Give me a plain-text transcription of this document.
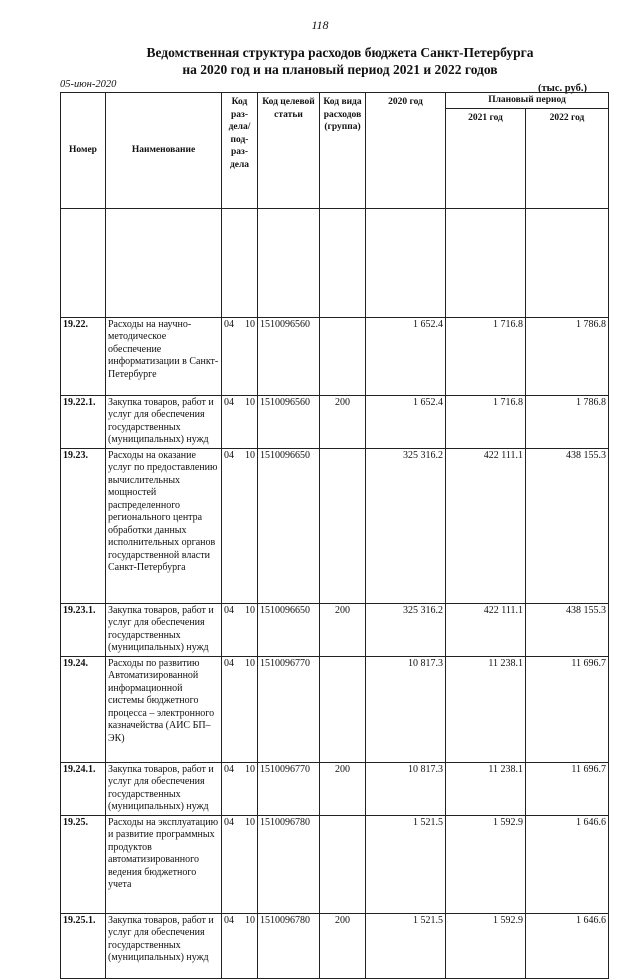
118
Ведомственная структура расходов бюджета Санкт-Петербурга
на 2020 год и на плановый период 2021 и 2022 годов
05-июн-2020	(тыс. руб.)
Номер	Наименование	Код раз- дела/ под- раз- дела		Код целевой статьи	Код вида расходов (группа)	2020 год	Плановый период	
							2021 год	2022 год

19.22.	Расходы на научно-методическое обеспечение информатизации в Санкт-Петербурге	04	10	1510096560		1 652.4	1 716.8	1 786.8
19.22.1.	Закупка товаров, работ и услуг для обеспечения государственных (муниципальных) нужд	04	10	1510096560	200	1 652.4	1 716.8	1 786.8
19.23.	Расходы на оказание услуг по предоставлению вычислительных мощностей распределенного регионального центра обработки данных исполнительных органов государственной власти Санкт-Петербурга	04	10	1510096650		325 316.2	422 111.1	438 155.3
19.23.1.	Закупка товаров, работ и услуг для обеспечения государственных (муниципальных) нужд	04	10	1510096650	200	325 316.2	422 111.1	438 155.3
19.24.	Расходы по развитию Автоматизированной информационной системы бюджетного процесса – электронного казначейства (АИС БП–ЭК)	04	10	1510096770		10 817.3	11 238.1	11 696.7
19.24.1.	Закупка товаров, работ и услуг для обеспечения государственных (муниципальных) нужд	04	10	1510096770	200	10 817.3	11 238.1	11 696.7
19.25.	Расходы на эксплуатацию и развитие программных продуктов автоматизированного ведения бюджетного учета	04	10	1510096780		1 521.5	1 592.9	1 646.6
19.25.1.	Закупка товаров, работ и услуг для обеспечения государственных (муниципальных) нужд	04	10	1510096780	200	1 521.5	1 592.9	1 646.6
